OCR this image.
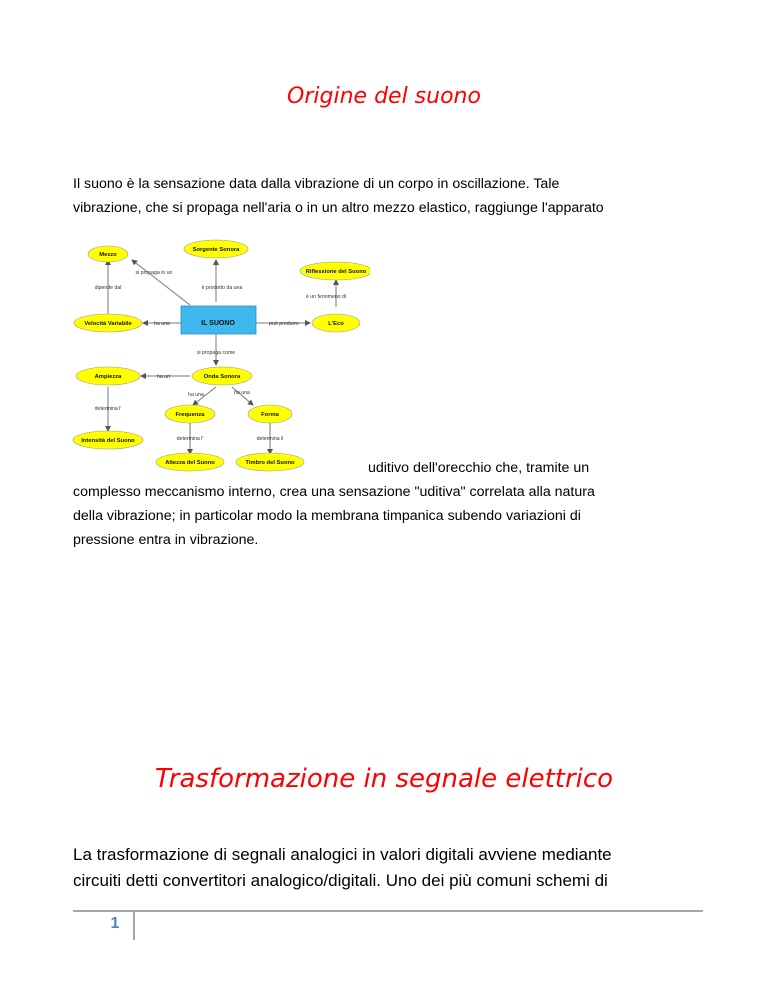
Origine del suono

Il suono è la sensazione data dalla vibrazione di un corpo in oscillazione. Tale
vibrazione, che si propaga nell'aria o in un altro mezzo elastico, raggiunge l'apparato

si propaga in un
è prodotto da una
è un fenomeno di
dipende dal
ha una	può produrre
si propaga come
ha un'
ha una	ha una
determina l'
determina l'	determina il
Mezzo
Sorgente Sonora
Riflessione del Suono
Velocità Variabile	IL SUONO	L'Eco
Ampiezza	Onda Sonora
Frequenza	Forma
Intensità del Suono
Altezza del Suono	Timbro del Suono	uditivo dell'orecchio che, tramite un
complesso meccanismo interno, crea una sensazione "uditiva" correlata alla natura
della vibrazione; in particolar modo la membrana timpanica subendo variazioni di
pressione entra in vibrazione.

Trasformazione in segnale elettrico

La trasformazione di segnali analogici in valori digitali avviene mediante
circuiti detti convertitori analogico/digitali. Uno dei più comuni schemi di

1
